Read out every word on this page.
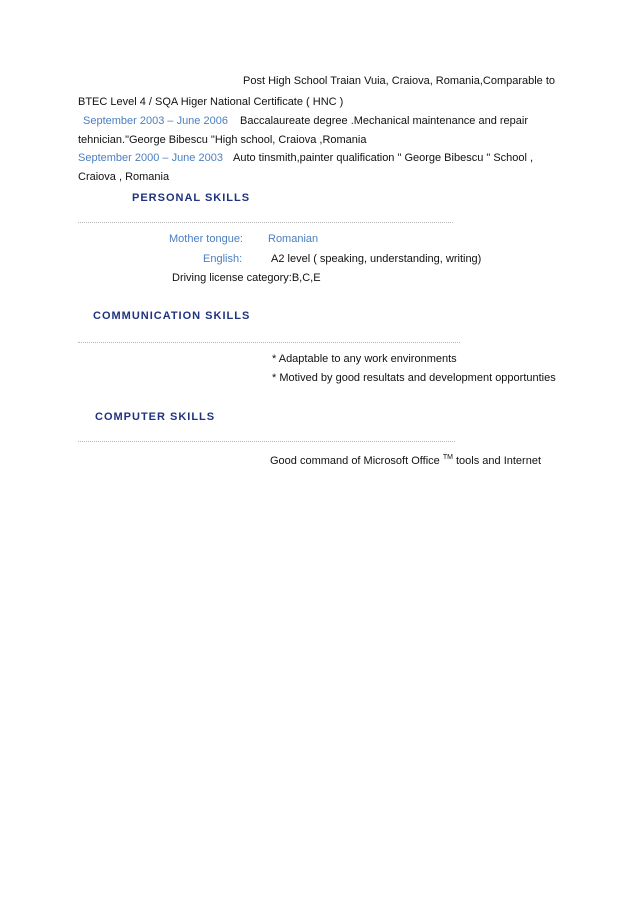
Post High School Traian Vuia, Craiova, Romania,Comparable to
BTEC Level 4 / SQA Higer National Certificate ( HNC )
September 2003 – June 2006 Baccalaureate degree .Mechanical maintenance and repair
tehnician."George Bibescu "High school, Craiova ,Romania
September 2000 – June 2003 Auto tinsmith,painter qualification " George Bibescu " School ,
Craiova , Romania
PERSONAL SKILLS
Mother tongue: Romanian
English:	A2 level ( speaking, understanding, writing)
Driving license category:B,C,E
COMMUNICATION SKILLS
* Adaptable to any work environments
* Motived by good resultats and development opportunties
COMPUTER SKILLS
Good command of Microsoft Office ™ tools and Internet
